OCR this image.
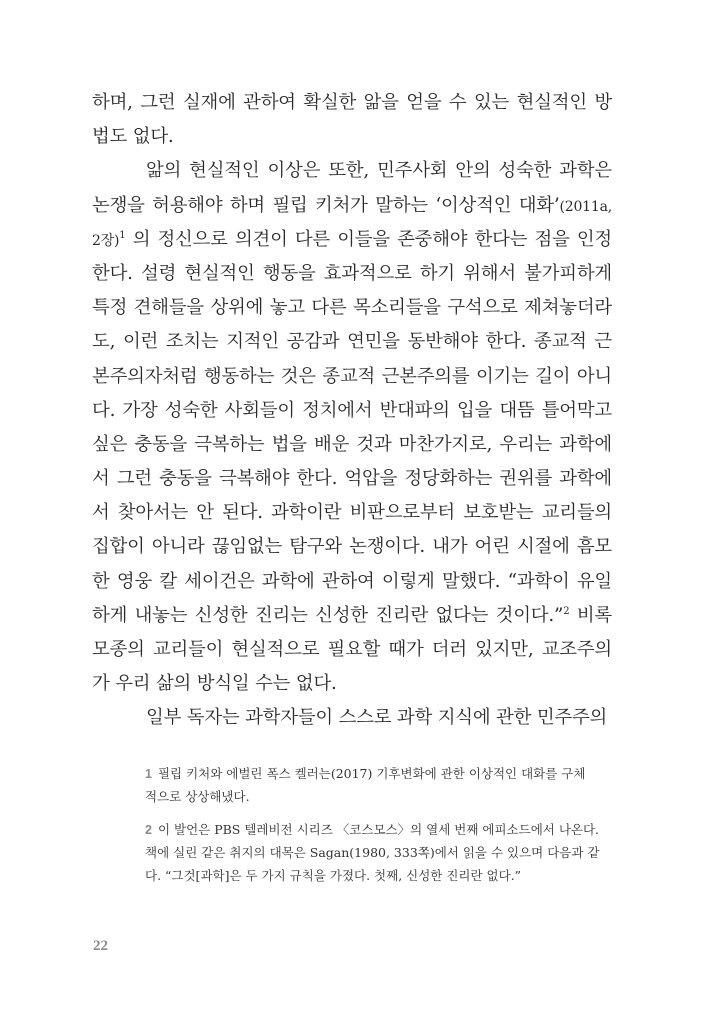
하며, 그런 실재에 관하여 확실한 앎을 얻을 수 있는 현실적인 방
법도 없다.
앎의 현실적인 이상은 또한, 민주사회 안의 성숙한 과학은
논쟁을 허용해야 하며 필립 키처가 말하는 ‘이상적인 대화’(2011a,
2장)$^1$ 의 정신으로 의견이 다른 이들을 존중해야 한다는 점을 인정
한다. 설령 현실적인 행동을 효과적으로 하기 위해서 불가피하게
특정 견해들을 상위에 놓고 다른 목소리들을 구석으로 제쳐놓더라
도, 이런 조치는 지적인 공감과 연민을 동반해야 한다. 종교적 근
본주의자처럼 행동하는 것은 종교적 근본주의를 이기는 길이 아니
다. 가장 성숙한 사회들이 정치에서 반대파의 입을 대뜸 틀어막고
싶은 충동을 극복하는 법을 배운 것과 마찬가지로, 우리는 과학에
서 그런 충동을 극복해야 한다. 억압을 정당화하는 권위를 과학에
서 찾아서는 안 된다. 과학이란 비판으로부터 보호받는 교리들의
집합이 아니라 끊임없는 탐구와 논쟁이다. 내가 어린 시절에 흠모
한 영웅 칼 세이건은 과학에 관하여 이렇게 말했다. “과학이 유일
하게 내놓는 신성한 진리는 신성한 진리란 없다는 것이다.”$^2$ 비록
모종의 교리들이 현실적으로 필요할 때가 더러 있지만, 교조주의
가 우리 삶의 방식일 수는 없다.
일부 독자는 과학자들이 스스로 과학 지식에 관한 민주주의
1 필립 키처와 에벌린 폭스 켈러는(2017) 기후변화에 관한 이상적인 대화를 구체
적으로 상상해냈다.
2 이 발언은 PBS 텔레비전 시리즈 〈코스모스〉의 열세 번째 에피소드에서 나온다.
책에 실린 같은 취지의 대목은 Sagan(1980, 333쪽)에서 읽을 수 있으며 다음과 같
다. “그것[과학]은 두 가지 규칙을 가졌다. 첫째, 신성한 진리란 없다.”
22
